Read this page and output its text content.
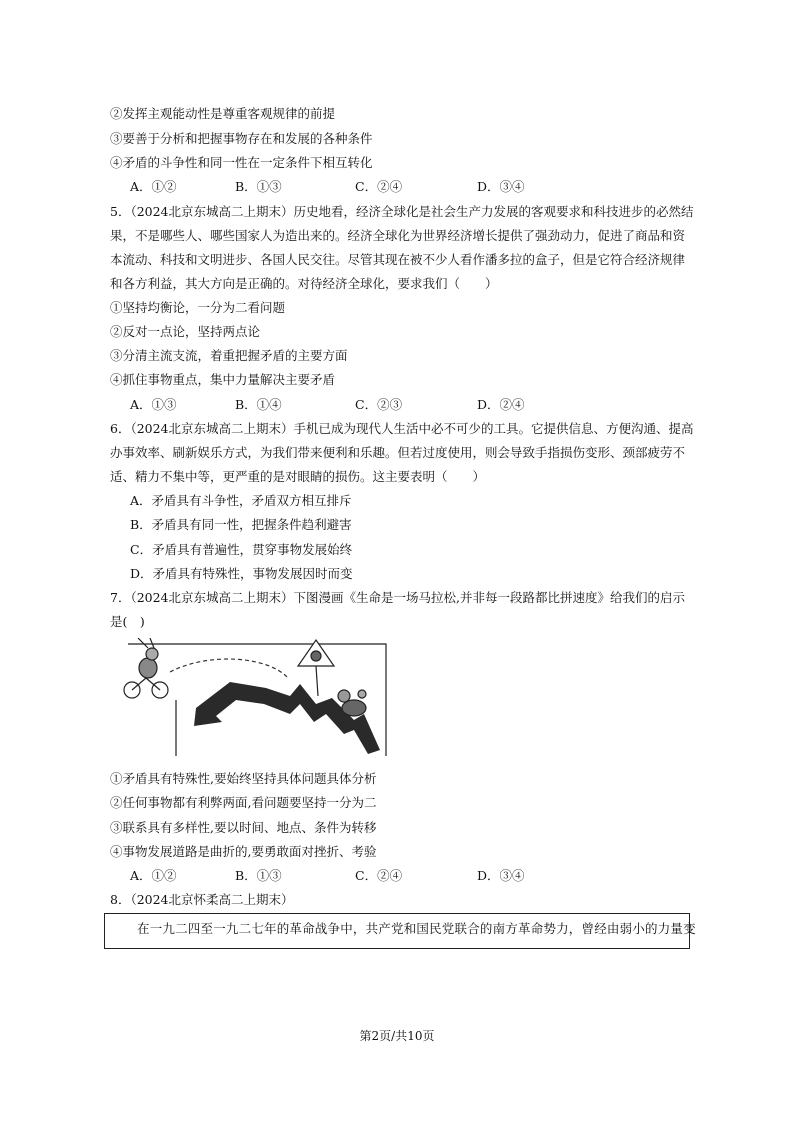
②发挥主观能动性是尊重客观规律的前提
③要善于分析和把握事物存在和发展的各种条件
④矛盾的斗争性和同一性在一定条件下相互转化
A．①②	B．①③	C．②④	D．③④
5．（2024北京东城高二上期末）历史地看，经济全球化是社会生产力发展的客观要求和科技进步的必然结
果，不是哪些人、哪些国家人为造出来的。经济全球化为世界经济增长提供了强劲动力，促进了商品和资
本流动、科技和文明进步、各国人民交往。尽管其现在被不少人看作潘多拉的盒子，但是它符合经济规律
和各方利益，其大方向是正确的。对待经济全球化，要求我们（　　）
①坚持均衡论，一分为二看问题
②反对一点论，坚持两点论
③分清主流支流，着重把握矛盾的主要方面
④抓住事物重点，集中力量解决主要矛盾
A．①③	B．①④	C．②③	D．②④
6．（2024北京东城高二上期末）手机已成为现代人生活中必不可少的工具。它提供信息、方便沟通、提高
办事效率、刷新娱乐方式，为我们带来便利和乐趣。但若过度使用，则会导致手指损伤变形、颈部疲劳不
适、精力不集中等，更严重的是对眼睛的损伤。这主要表明（　　）
A．矛盾具有斗争性，矛盾双方相互排斥
B．矛盾具有同一性，把握条件趋利避害
C．矛盾具有普遍性，贯穿事物发展始终
D．矛盾具有特殊性，事物发展因时而变
7．（2024北京东城高二上期末）下图漫画《生命是一场马拉松,并非每一段路都比拼速度》给我们的启示
是(　)
①矛盾具有特殊性,要始终坚持具体问题具体分析
②任何事物都有利弊两面,看问题要坚持一分为二
③联系具有多样性,要以时间、地点、条件为转移
④事物发展道路是曲折的,要勇敢面对挫折、考验
A．①②	B．①③	C．②④	D．③④
8．（2024北京怀柔高二上期末）
在一九二四至一九二七年的革命战争中，共产党和国民党联合的南方革命势力，曾经由弱小的力量变
第2页/共10页
